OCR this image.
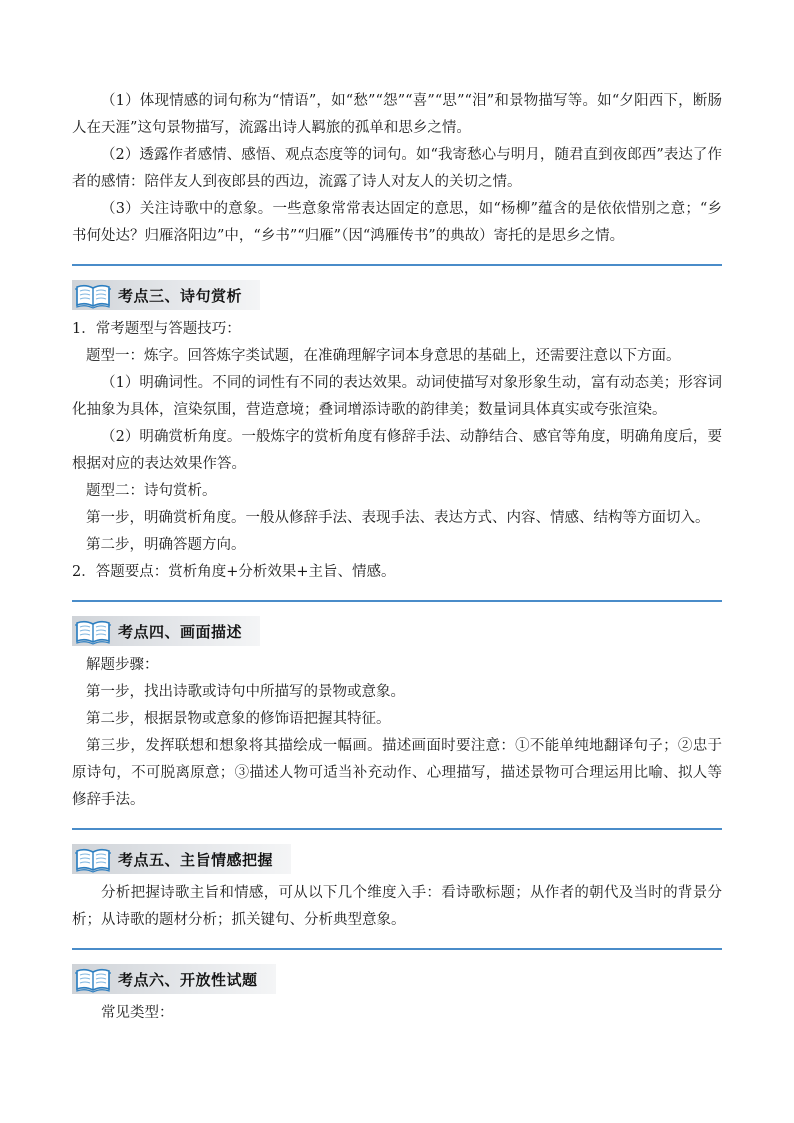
（1）体现情感的词句称为“情语”，如“愁”“怨”“喜”“思”“泪”和景物描写等。如“夕阳西下，断肠人在天涯”这句景物描写，流露出诗人羁旅的孤单和思乡之情。

（2）透露作者感情、感悟、观点态度等的词句。如“我寄愁心与明月，随君直到夜郎西”表达了作者的感情：陪伴友人到夜郎县的西边，流露了诗人对友人的关切之情。

（3）关注诗歌中的意象。一些意象常常表达固定的意思，如“杨柳”蕴含的是依依惜别之意；“乡书何处达？归雁洛阳边”中，“乡书”“归雁”（因“鸿雁传书”的典故）寄托的是思乡之情。

考点三、诗句赏析

1．常考题型与答题技巧：

题型一：炼字。回答炼字类试题，在准确理解字词本身意思的基础上，还需要注意以下方面。

（1）明确词性。不同的词性有不同的表达效果。动词使描写对象形象生动，富有动态美；形容词化抽象为具体，渲染氛围，营造意境；叠词增添诗歌的韵律美；数量词具体真实或夸张渲染。

（2）明确赏析角度。一般炼字的赏析角度有修辞手法、动静结合、感官等角度，明确角度后，要根据对应的表达效果作答。

题型二：诗句赏析。

第一步，明确赏析角度。一般从修辞手法、表现手法、表达方式、内容、情感、结构等方面切入。

第二步，明确答题方向。

2．答题要点：赏析角度+分析效果+主旨、情感。

考点四、画面描述

解题步骤：

第一步，找出诗歌或诗句中所描写的景物或意象。

第二步，根据景物或意象的修饰语把握其特征。

第三步，发挥联想和想象将其描绘成一幅画。描述画面时要注意：①不能单纯地翻译句子；②忠于原诗句，不可脱离原意；③描述人物可适当补充动作、心理描写，描述景物可合理运用比喻、拟人等修辞手法。

考点五、主旨情感把握

分析把握诗歌主旨和情感，可从以下几个维度入手：看诗歌标题；从作者的朝代及当时的背景分析；从诗歌的题材分析；抓关键句、分析典型意象。

考点六、开放性试题

常见类型：
